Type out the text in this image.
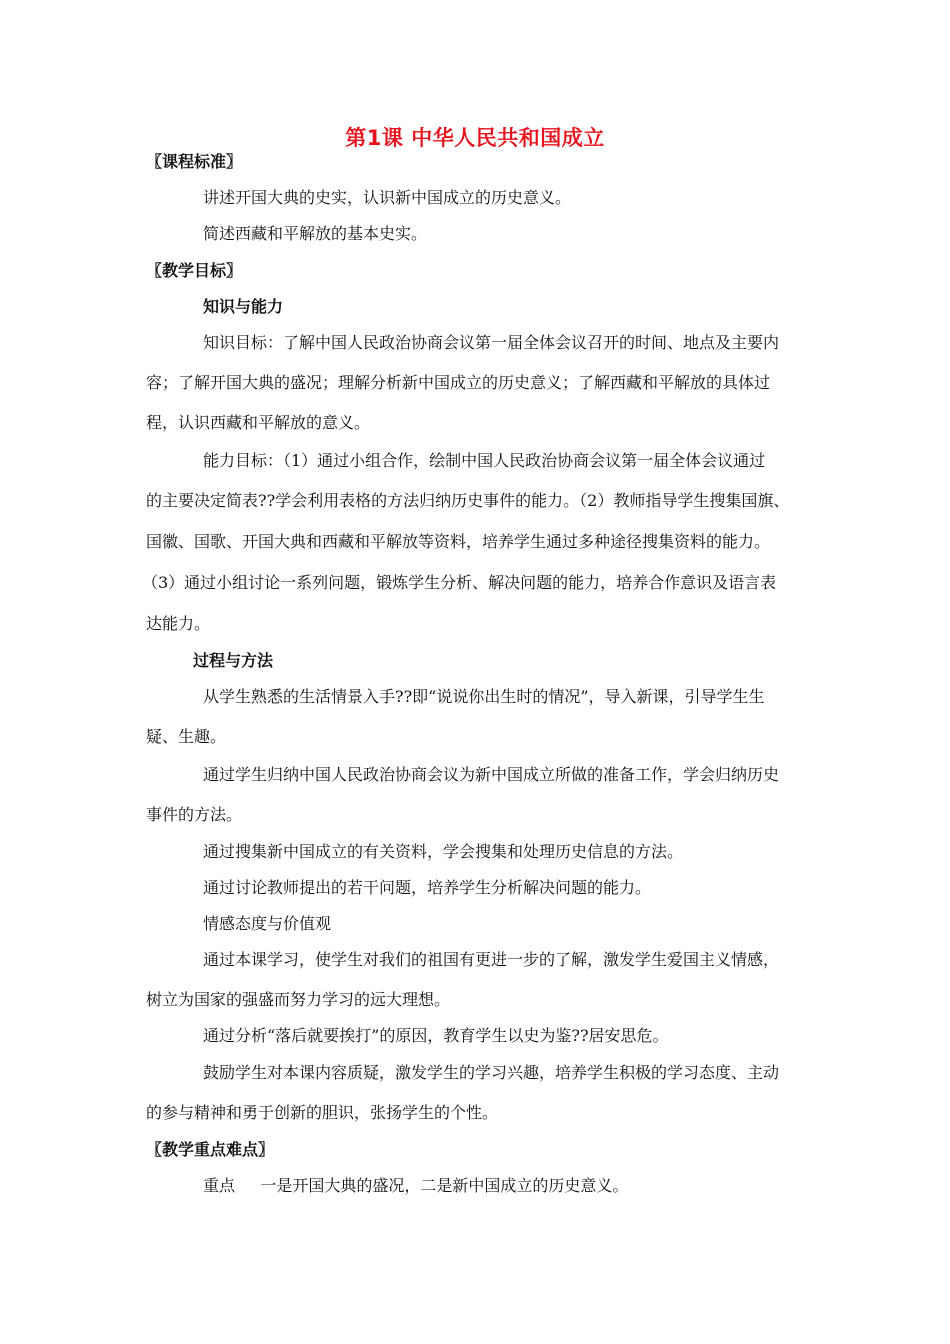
第1课 中华人民共和国成立
〖课程标准〗
讲述开国大典的史实，认识新中国成立的历史意义。
简述西藏和平解放的基本史实。
〖教学目标〗
知识与能力
知识目标：了解中国人民政治协商会议第一届全体会议召开的时间、地点及主要内
容；了解开国大典的盛况；理解分析新中国成立的历史意义；了解西藏和平解放的具体过
程，认识西藏和平解放的意义。
能力目标：（1）通过小组合作，绘制中国人民政治协商会议第一届全体会议通过
的主要决定简表??学会利用表格的方法归纳历史事件的能力。（2）教师指导学生搜集国旗、
国徽、国歌、开国大典和西藏和平解放等资料，培养学生通过多种途径搜集资料的能力。
（3）通过小组讨论一系列问题，锻炼学生分析、解决问题的能力，培养合作意识及语言表
达能力。
过程与方法
从学生熟悉的生活情景入手??即“说说你出生时的情况”，导入新课，引导学生生
疑、生趣。
通过学生归纳中国人民政治协商会议为新中国成立所做的准备工作，学会归纳历史
事件的方法。
通过搜集新中国成立的有关资料，学会搜集和处理历史信息的方法。
通过讨论教师提出的若干问题，培养学生分析解决问题的能力。
情感态度与价值观
通过本课学习，使学生对我们的祖国有更进一步的了解，激发学生爱国主义情感，
树立为国家的强盛而努力学习的远大理想。
通过分析“落后就要挨打”的原因，教育学生以史为鉴??居安思危。
鼓励学生对本课内容质疑，激发学生的学习兴趣，培养学生积极的学习态度、主动
的参与精神和勇于创新的胆识，张扬学生的个性。
〖教学重点难点〗
重点     一是开国大典的盛况，二是新中国成立的历史意义。
